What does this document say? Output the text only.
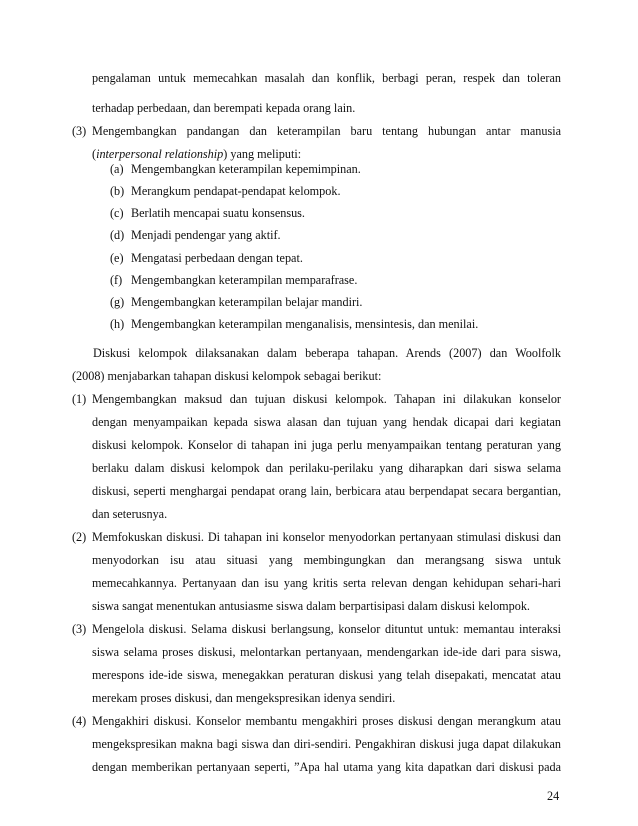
pengalaman untuk memecahkan masalah dan konflik, berbagi peran, respek dan toleran
terhadap perbedaan, dan berempati kepada orang lain.
(3) Mengembangkan pandangan dan keterampilan baru tentang hubungan antar manusia
(interpersonal relationship) yang meliputi:
(a) Mengembangkan keterampilan kepemimpinan.
(b) Merangkum pendapat-pendapat kelompok.
(c) Berlatih mencapai suatu konsensus.
(d) Menjadi pendengar yang aktif.
(e) Mengatasi perbedaan dengan tepat.
(f) Mengembangkan keterampilan memparafrase.
(g) Mengembangkan keterampilan belajar mandiri.
(h) Mengembangkan keterampilan menganalisis, mensintesis, dan menilai.
Diskusi kelompok dilaksanakan dalam beberapa tahapan. Arends (2007) dan Woolfolk
(2008) menjabarkan tahapan diskusi kelompok sebagai berikut:
(1) Mengembangkan maksud dan tujuan diskusi kelompok. Tahapan ini dilakukan konselor
dengan menyampaikan kepada siswa alasan dan tujuan yang hendak dicapai dari kegiatan
diskusi kelompok. Konselor di tahapan ini juga perlu menyampaikan tentang peraturan yang
berlaku dalam diskusi kelompok dan perilaku-perilaku yang diharapkan dari siswa selama
diskusi, seperti menghargai pendapat orang lain, berbicara atau berpendapat secara bergantian,
dan seterusnya.
(2) Memfokuskan diskusi. Di tahapan ini konselor menyodorkan pertanyaan stimulasi diskusi dan
menyodorkan isu atau situasi yang membingungkan dan merangsang siswa untuk
memecahkannya. Pertanyaan dan isu yang kritis serta relevan dengan kehidupan sehari-hari
siswa sangat menentukan antusiasme siswa dalam berpartisipasi dalam diskusi kelompok.
(3) Mengelola diskusi. Selama diskusi berlangsung, konselor dituntut untuk: memantau interaksi
siswa selama proses diskusi, melontarkan pertanyaan, mendengarkan ide-ide dari para siswa,
merespons ide-ide siswa, menegakkan peraturan diskusi yang telah disepakati, mencatat atau
merekam proses diskusi, dan mengekspresikan idenya sendiri.
(4) Mengakhiri diskusi. Konselor membantu mengakhiri proses diskusi dengan merangkum atau
mengekspresikan makna bagi siswa dan diri-sendiri. Pengakhiran diskusi juga dapat dilakukan
dengan memberikan pertanyaan seperti, ”Apa hal utama yang kita dapatkan dari diskusi pada
24
